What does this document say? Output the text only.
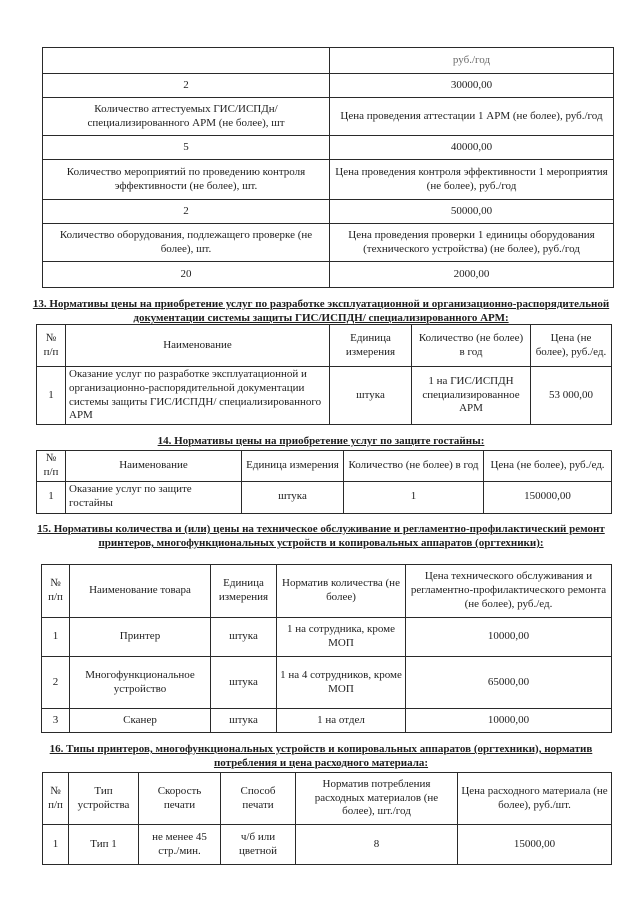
	руб./год
2	30000,00
Количество аттестуемых ГИС/ИСПДн/специализированного АРМ (не более), шт	Цена проведения аттестации 1 АРМ (не более), руб./год
5	40000,00
Количество мероприятий по проведению контроля эффективности (не более), шт.	Цена проведения контроля эффективности 1 мероприятия (не более), руб./год
2	50000,00
Количество оборудования, подлежащего проверке (не более), шт.	Цена проведения проверки 1 единицы оборудования (технического устройства) (не более), руб./год
20	2000,00
13. Нормативы цены на приобретение услуг по разработке эксплуатационной и организационно-распорядительной документации системы защиты ГИС/ИСПДН/ специализированного АРМ:
№ п/п	Наименование	Единица измерения	Количество (не более) в год	Цена (не более), руб./ед.
1	Оказание услуг по разработке эксплуатационной и организационно-распорядительной документации системы защиты ГИС/ИСПДН/ специализированного АРМ	штука	1 на ГИС/ИСПДН специализированное АРМ	53 000,00
14. Нормативы цены на приобретение услуг по защите гостайны:
№ п/п	Наименование	Единица измерения	Количество (не более) в год	Цена (не более), руб./ед.
1	Оказание услуг по защите гостайны	штука	1	150000,00
15. Нормативы количества и (или) цены на техническое обслуживание и регламентно-профилактический ремонт принтеров, многофункциональных устройств и копировальных аппаратов (оргтехники):
№ п/п	Наименование товара	Единица измерения	Норматив количества (не более)	Цена технического обслуживания и регламентно-профилактического ремонта (не более), руб./ед.
1	Принтер	штука	1 на сотрудника, кроме МОП	10000,00
2	Многофункциональное устройство	штука	1 на 4 сотрудников, кроме МОП	65000,00
3	Сканер	штука	1 на отдел	10000,00
16. Типы принтеров, многофункциональных устройств и копировальных аппаратов (оргтехники), норматив потребления и цена расходного материала:
№ п/п	Тип устройства	Скорость печати	Способ печати	Норматив потребления расходных материалов (не более), шт./год	Цена расходного материала (не более), руб./шт.
1	Тип 1	не менее 45 стр./мин.	ч/б или цветной	8	15000,00
